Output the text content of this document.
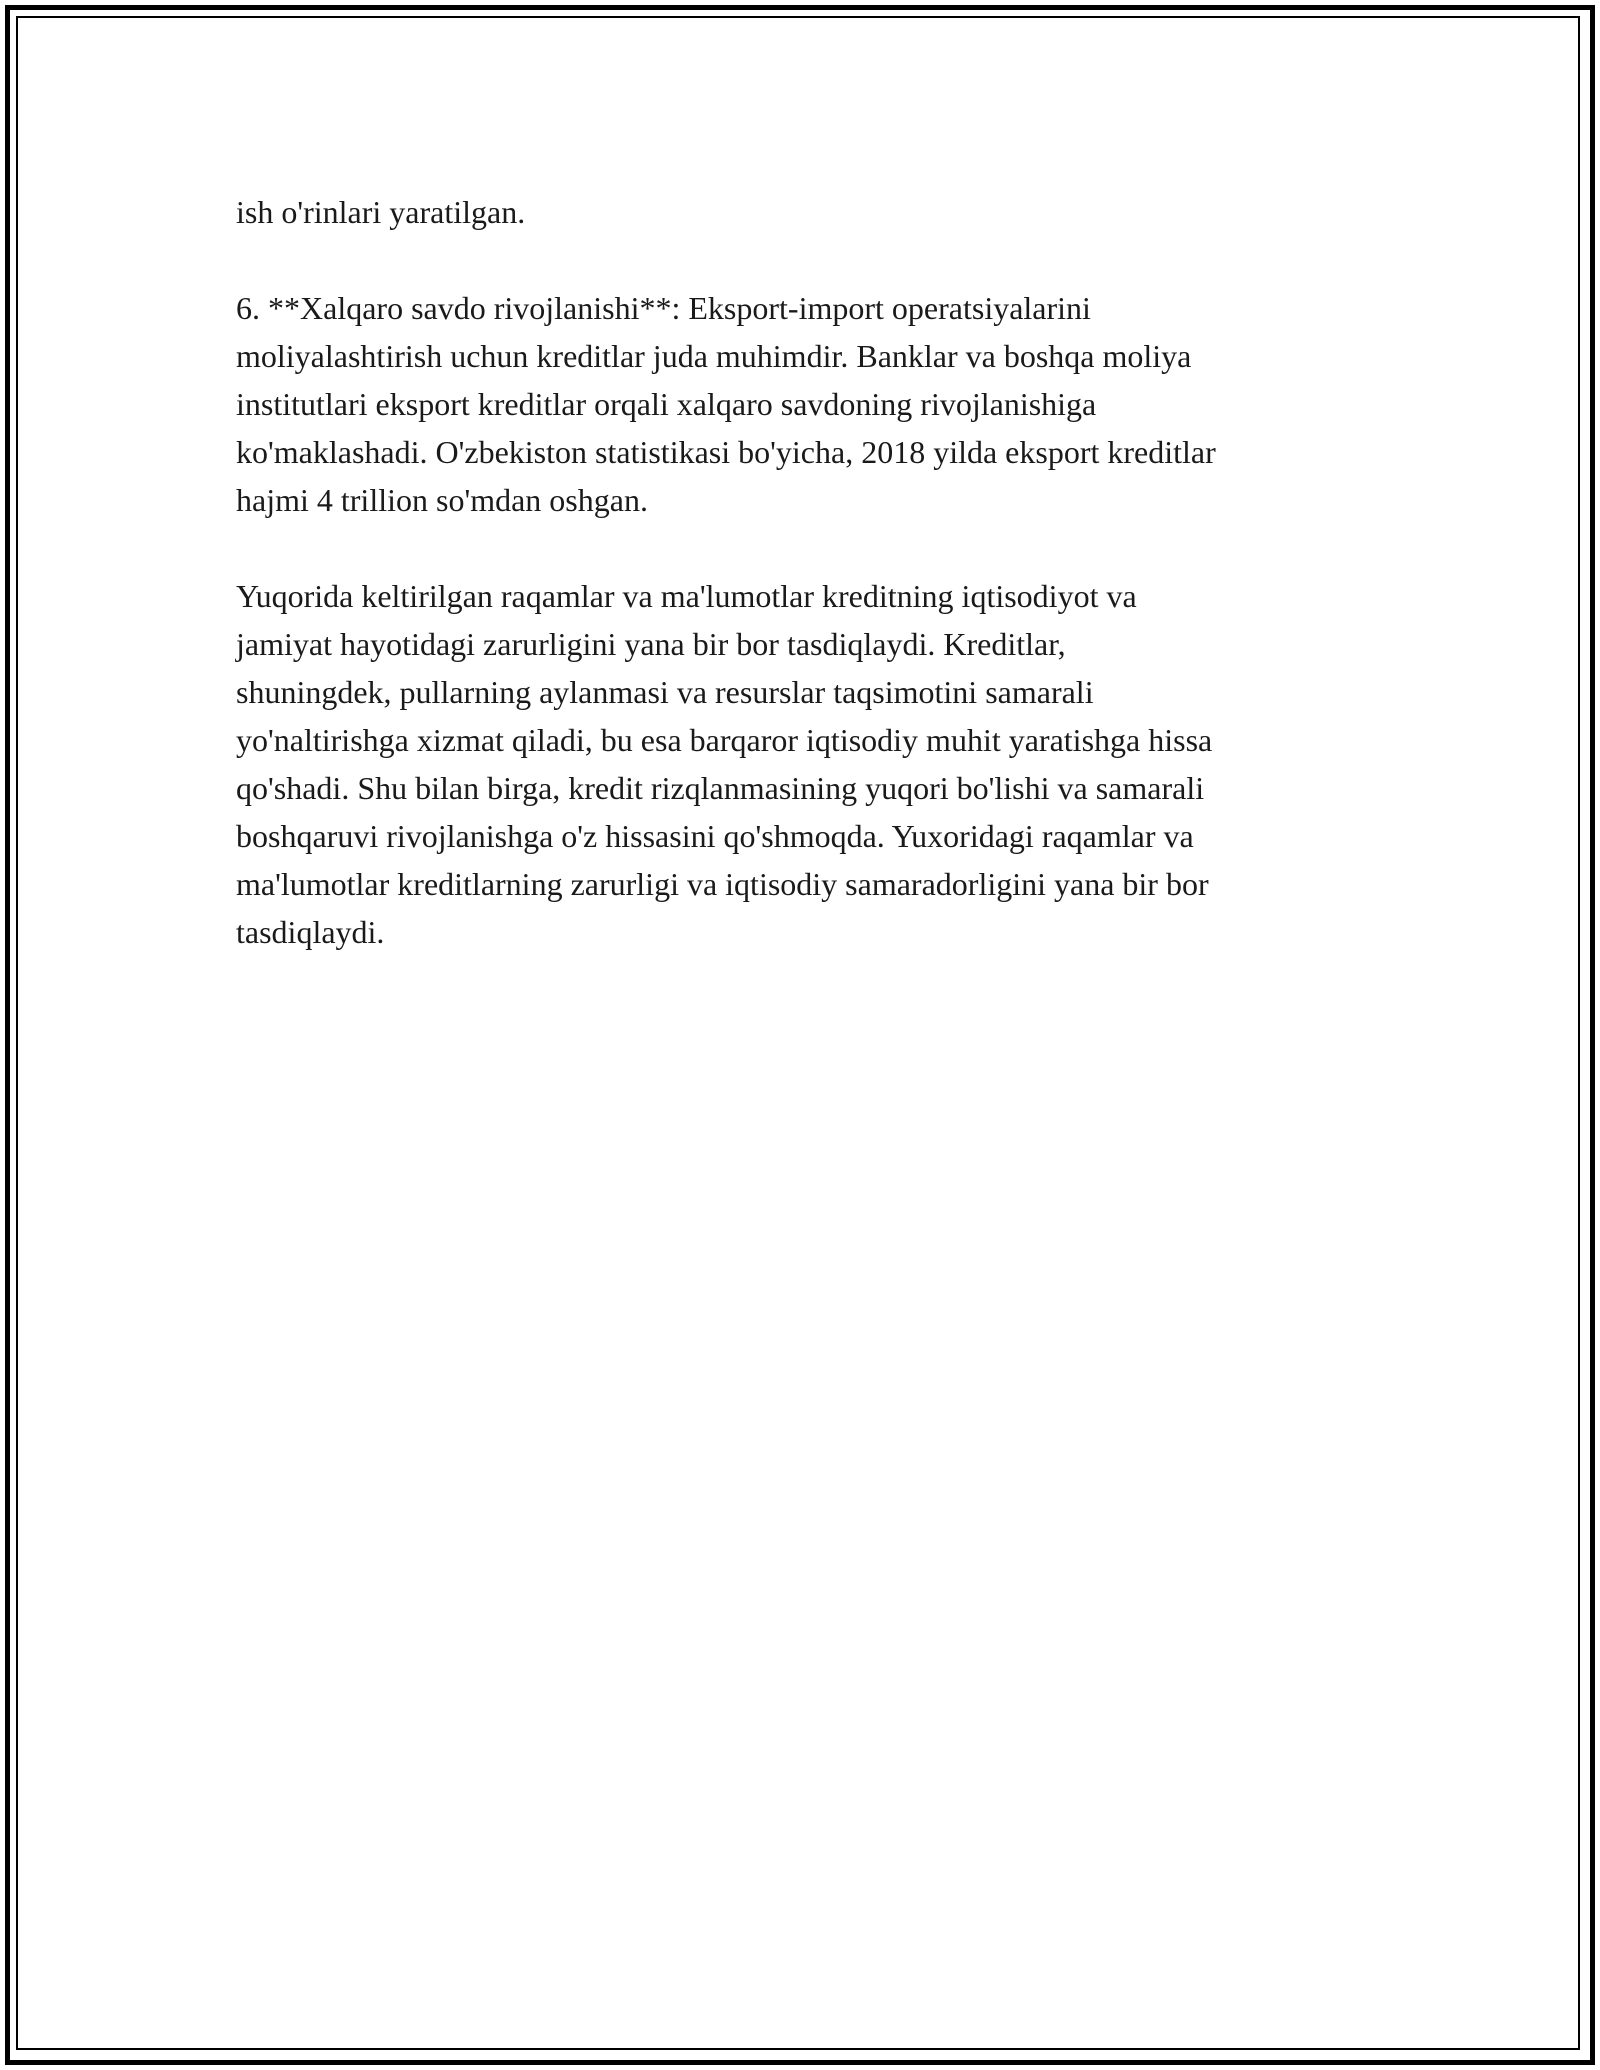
ish o'rinlari yaratilgan.

6. **Xalqaro savdo rivojlanishi**: Eksport-import operatsiyalarini
moliyalashtirish uchun kreditlar juda muhimdir. Banklar va boshqa moliya
institutlari eksport kreditlar orqali xalqaro savdoning rivojlanishiga
ko'maklashadi. O'zbekiston statistikasi bo'yicha, 2018 yilda eksport kreditlar
hajmi 4 trillion so'mdan oshgan.

Yuqorida keltirilgan raqamlar va ma'lumotlar kreditning iqtisodiyot va
jamiyat hayotidagi zarurligini yana bir bor tasdiqlaydi. Kreditlar,
shuningdek, pullarning aylanmasi va resurslar taqsimotini samarali
yo'naltirishga xizmat qiladi, bu esa barqaror iqtisodiy muhit yaratishga hissa
qo'shadi. Shu bilan birga, kredit rizqlanmasining yuqori bo'lishi va samarali
boshqaruvi rivojlanishga o'z hissasini qo'shmoqda. Yuxoridagi raqamlar va
ma'lumotlar kreditlarning zarurligi va iqtisodiy samaradorligini yana bir bor
tasdiqlaydi.
